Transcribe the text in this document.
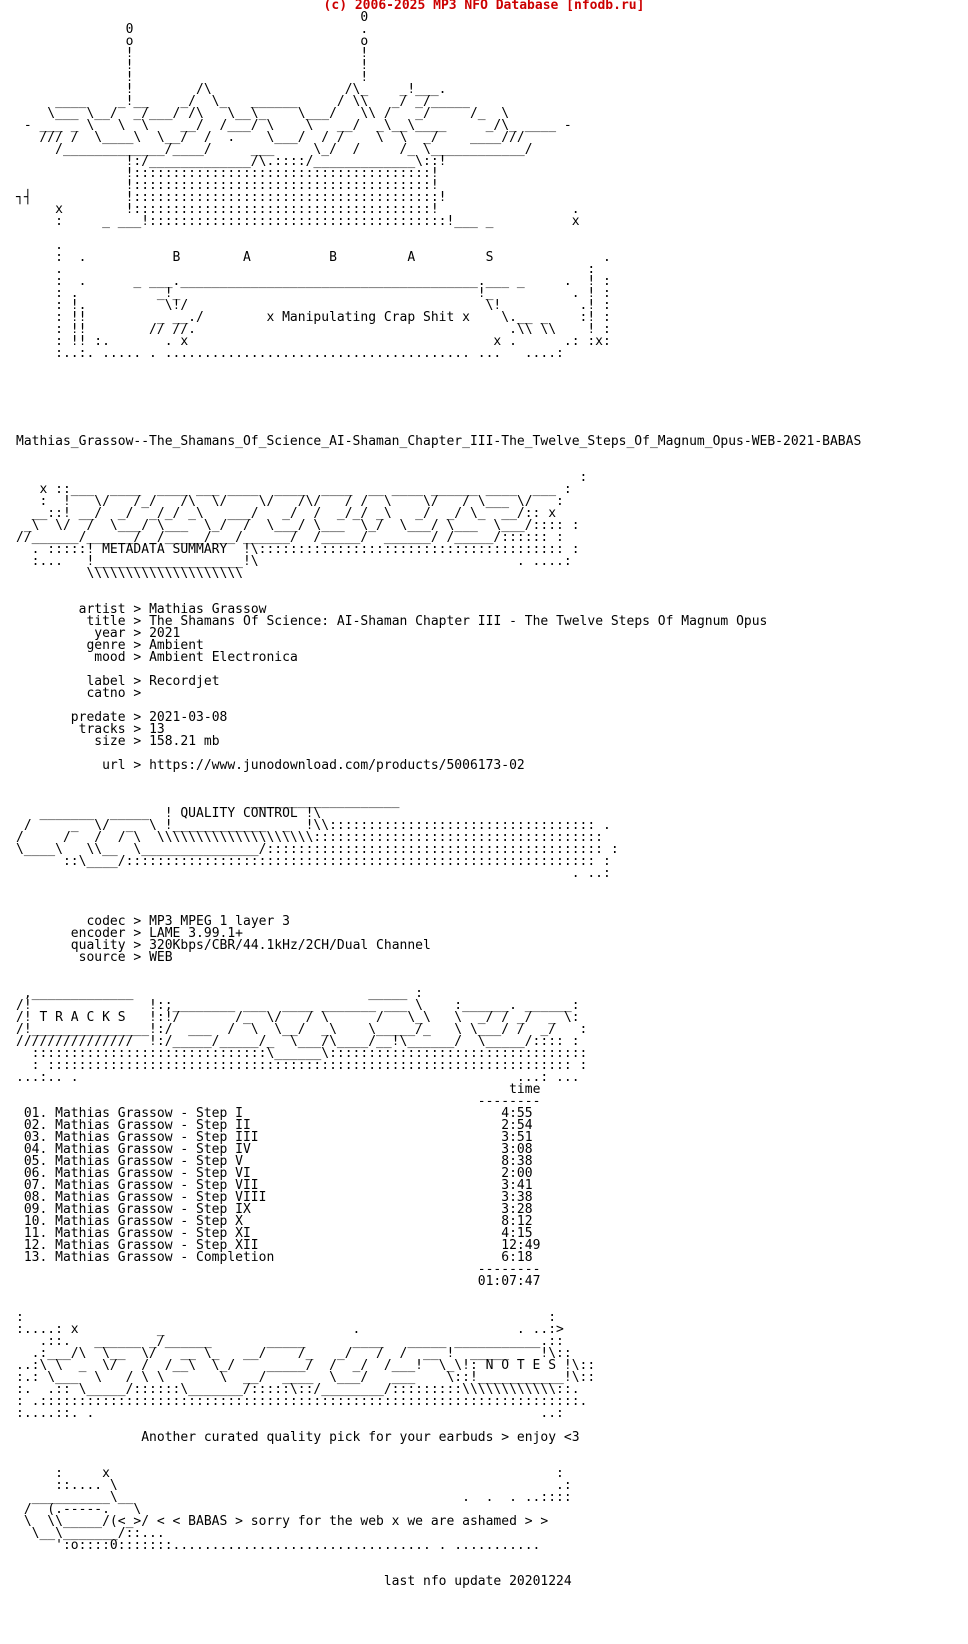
(c) 2006-2025 MP3 NFO Database [nfodb.ru]
0
0                             .
o                             o
!                             !
!                             !
!                             !
!        /\                 /\_    _!___.
____    _!__    _/  \_   ______     / \\   _/ _/_____
\___ \__/  _/___/ /\   \__\_    \___/   \\ /   _/     /_  \
- ___ _ \   \  \    __/  /___/ \    \   __/  _\__\____     _/\_ ____ -
/// /  \____\  \__/  /  .    \___/  / /    \  \  _/    ____///
/_____________/____/     ___     \_/  /     /_ \____________/
!:/_____________/\.::::/_____________\::!
!::::::::::::::::::::::::::::::::::::::!
!::::::::::::::::::::::::::::::::::::::!
┐┤            !:::::::::::::::::::::::::::::::::::::::!
x        !::::::::::::::::::::::::::::::::::::::!                 .
:     _ ___!::::::::::::::::::::::::::::::::::::::!___ _          x

.
:  .           B        A          B         A         S              .
.                                                                   :
:  .      _ ___.______________________________________.___ _     .  ! :
: .          _!_                                      !_          . ! :
: !.          \!/                                      \!          .! :
: !!         _ __./        x Manipulating Crap Shit x    \.__ _    :! :
: !!        // //.                                        .\\ \\    ! :
: !! :.       . x                                       x .      .: :x:
:..:. ..... . ....................................... ...   ....:
Mathias_Grassow--The_Shamans_Of_Science_AI-Shaman_Chapter_III-The_Twelve_Steps_Of_Magnum_Opus-WEB-2021-BABAS
:
x ::___  ____  ____ ___ ____  ____  ____  __ ____ ______ ____  ___ :
:  !   \/   /_/   /\  \/    \/   /\/   / /  \    \/   / \___ \/   :
__::! __/  _/  _/_/ _\   ___/   _/  /  _/_/ _\   _/  _/ \_  __/:: x
_\  \/  /  \___/ \___  \_/  /  \___/ \___  \_/  \___/ \___  \___/:::: :
//______/______/  /_____/___/______/  /_____/  ______/ /_____/:::::: :
. :::::! METADATA SUMMARY  !\::::::::::::::::::::::::::::::::::::::: :
:...   !___________________!\                                 . ....:
\\\\\\\\\\\\\\\\\\\\
artist > Mathias Grassow
title > The Shamans Of Science: AI-Shaman Chapter III - The Twelve Steps Of Magnum Opus
year > 2021
genre > Ambient
mood > Ambient Electronica

label > Recordjet
catno >

predate > 2021-03-08
tracks > 13
size > 158.21 mb

url > https://www.junodownload.com/products/5006173-02
___________________
_______  _____  ! QUALITY CONTROL !\
/     _  \/  _  \ !____________  _  !\\:::::::::::::::::::::::::::::::::: .
/     /   /  / \  \\\\\\\\\\\\\\\\\\\\:::::::::::::::::::::::::::::::::::::
\____\   \\__  \_______________/::::::::::::::::::::::::::::::::::::::::::: :
::\____/:::::::::::::::::::::::::::::::::::::::::::::::::::::::::::: :
. ..:
codec > MP3 MPEG 1 layer 3
encoder > LAME 3.99.1+
quality > 320Kbps/CBR/44.1kHz/2CH/Dual Channel
source > WEB
,_____________                              _____ :
/!               !:;________ ___  ____ _______ ___ \    :______. ______:
/! T R A C K S   !:!/       /_  \/   / \      /   \_\   \  _/ / _/  _ \:
/!_______________!:/  ___  /  \  \__/  _\    \_____/_   \ \___/ /  _/   :
///////////////  !:/_____/_____/_  \___/\____/__!\______/  \_____/:::: :
::::::::::::::::::::::::::::::\______\:::::::::::::::::::::::::::::::::
: ::::::::::::::::::::::::::::::::::::::::::::::::::::::::::::::::::: :
...:.. .                                                        ...: ...
time
--------
01. Mathias Grassow - Step I	4:55
02. Mathias Grassow - Step II	2:54
03. Mathias Grassow - Step III	3:51
04. Mathias Grassow - Step IV	3:08
05. Mathias Grassow - Step V	8:38
06. Mathias Grassow - Step VI	2:00
07. Mathias Grassow - Step VII	3:41
08. Mathias Grassow - Step VIII	3:38
09. Mathias Grassow - Step IX	3:28
10. Mathias Grassow - Step X	8:12
11. Mathias Grassow - Step XI	4:15
12. Mathias Grassow - Step XII	12:49
13. Mathias Grassow - Completion	6:18
--------
01:07:47
:                                                                   :
:....: x          _                        .                    . ..:>
.::.   ______ _/______       _____      ____   _____ ___________.::
.:___/\  \__  \/   __ \_   __/    /_   _/   /  /  __ !  _____    !\::
..:\ \  _  \/   /  /__\  \_/    _____/  /  _/  /___!  \_\!: N O T E S !\::
:.: \___  \   / \ \       \  __/  ____  \___/   ___    \::!___________!\::
:.  .:: \_____/::::::\_______/:::::\::/________/:::::::::\\\\\\\\\\\\::.
: .:::::::::::::::::::::::::::::::::::::::::::::::::::::::::::::::::::::.
:....::. .                                                         ..:
Another curated quality pick for your earbuds > enjoy <3
:     x                                                         :
::.... \                                                        .:
__________\__                                          .  .  . ..::::
/  (.-----.   \
\  \\_____/(<_>/ < < BABAS > sorry for the web x we are ashamed > >
\__\_______/::...
':o::::0:::::::................................. . ...........
last nfo update 20201224
